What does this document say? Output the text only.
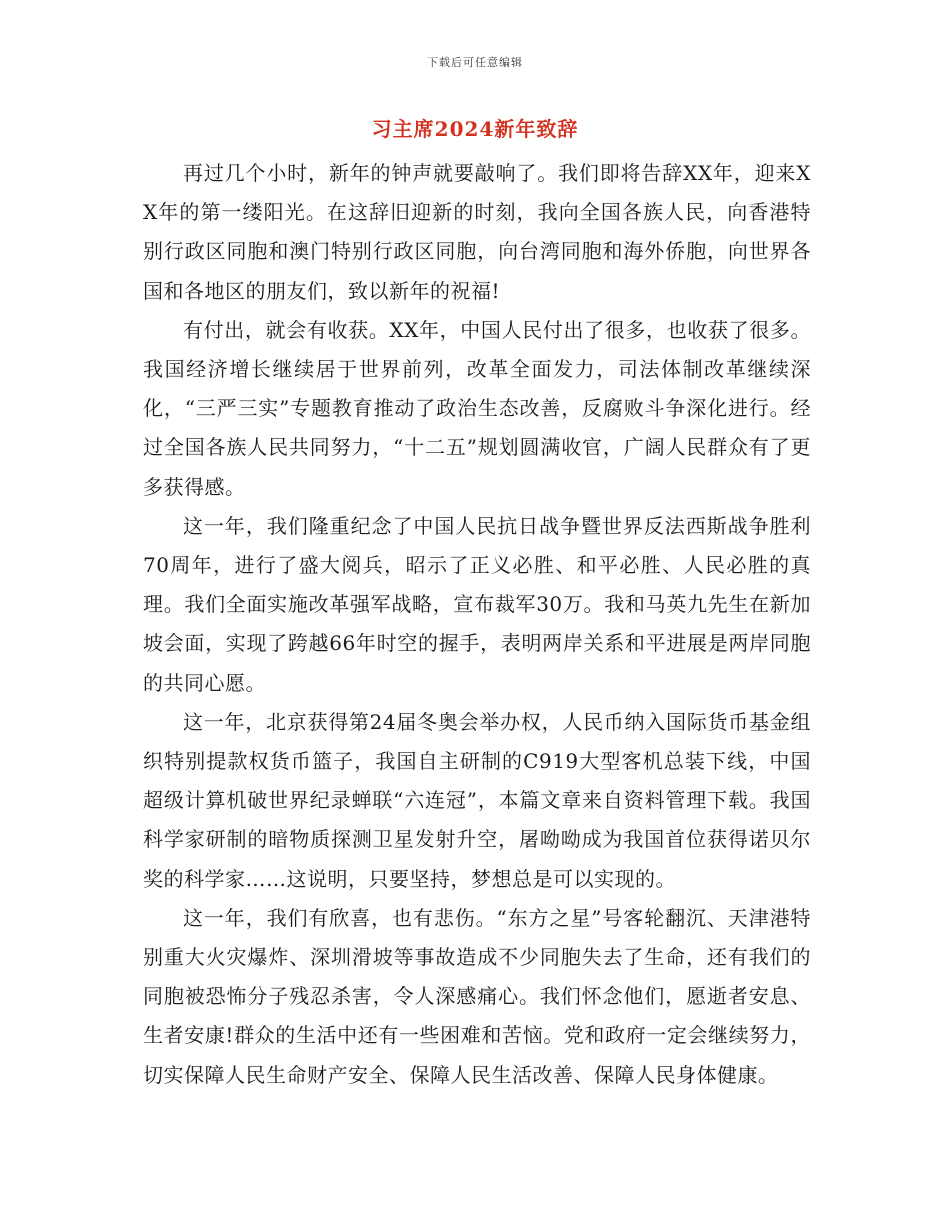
下载后可任意编辑
习主席2024新年致辞

再过几个小时，新年的钟声就要敲响了。我们即将告辞XX年，迎来XX年的第一缕阳光。在这辞旧迎新的时刻，我向全国各族人民，向香港特别行政区同胞和澳门特别行政区同胞，向台湾同胞和海外侨胞，向世界各国和各地区的朋友们，致以新年的祝福!

有付出，就会有收获。XX年，中国人民付出了很多，也收获了很多。我国经济增长继续居于世界前列，改革全面发力，司法体制改革继续深化，“三严三实”专题教育推动了政治生态改善，反腐败斗争深化进行。经过全国各族人民共同努力，“十二五”规划圆满收官，广阔人民群众有了更多获得感。

这一年，我们隆重纪念了中国人民抗日战争暨世界反法西斯战争胜利70周年，进行了盛大阅兵，昭示了正义必胜、和平必胜、人民必胜的真理。我们全面实施改革强军战略，宣布裁军30万。我和马英九先生在新加坡会面，实现了跨越66年时空的握手，表明两岸关系和平进展是两岸同胞的共同心愿。

这一年，北京获得第24届冬奥会举办权，人民币纳入国际货币基金组织特别提款权货币篮子，我国自主研制的C919大型客机总装下线，中国超级计算机破世界纪录蝉联“六连冠”，本篇文章来自资料管理下载。我国科学家研制的暗物质探测卫星发射升空，屠呦呦成为我国首位获得诺贝尔奖的科学家……这说明，只要坚持，梦想总是可以实现的。

这一年，我们有欣喜，也有悲伤。“东方之星”号客轮翻沉、天津港特别重大火灾爆炸、深圳滑坡等事故造成不少同胞失去了生命，还有我们的同胞被恐怖分子残忍杀害，令人深感痛心。我们怀念他们，愿逝者安息、生者安康!群众的生活中还有一些困难和苦恼。党和政府一定会继续努力，切实保障人民生命财产安全、保障人民生活改善、保障人民身体健康。
